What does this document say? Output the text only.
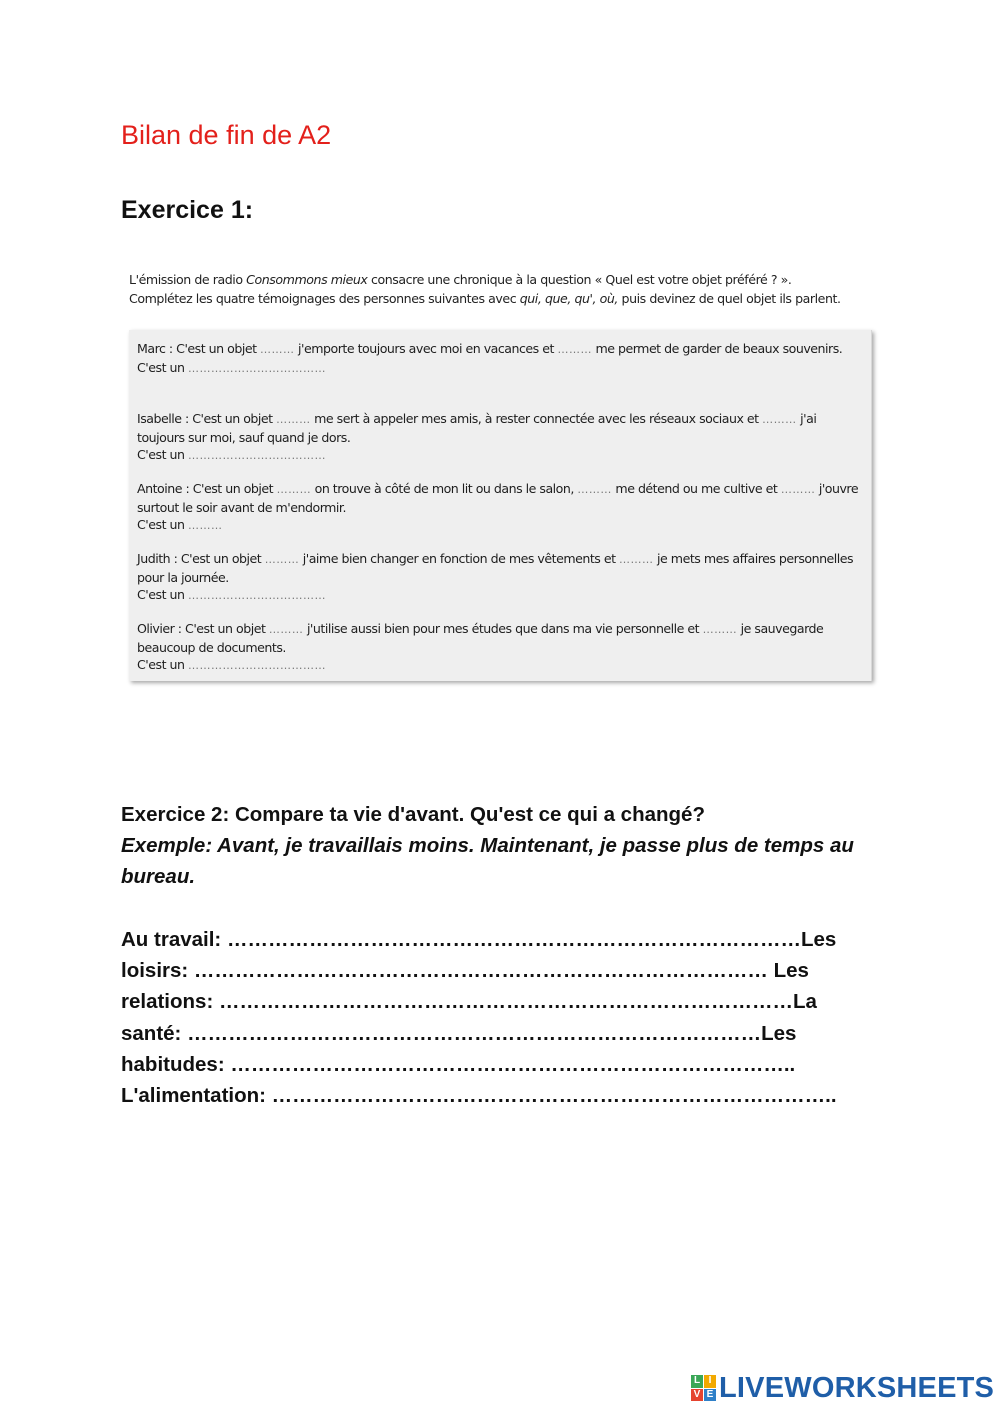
Bilan de fin de A2
Exercice 1:
L'émission de radio Consommons mieux consacre une chronique à la question « Quel est votre objet préféré ? ». Complétez les quatre témoignages des personnes suivantes avec qui, que, qu', où, puis devinez de quel objet ils parlent.
Marc : C'est un objet ……… j'emporte toujours avec moi en vacances et ……… me permet de garder de beaux souvenirs.
C'est un ………………………………
Isabelle : C'est un objet ……… me sert à appeler mes amis, à rester connectée avec les réseaux sociaux et ……… j'ai toujours sur moi, sauf quand je dors.
C'est un ………………………………
Antoine : C'est un objet ……… on trouve à côté de mon lit ou dans le salon, ……… me détend ou me cultive et ……… j'ouvre surtout le soir avant de m'endormir.
C'est un ………
Judith : C'est un objet ……… j'aime bien changer en fonction de mes vêtements et ……… je mets mes affaires personnelles pour la journée.
C'est un ………………………………
Olivier : C'est un objet ……… j'utilise aussi bien pour mes études que dans ma vie personnelle et ……… je sauvegarde beaucoup de documents.
C'est un ………………………………

Exercice 2: Compare ta vie d'avant. Qu'est ce qui a changé?

Exemple: Avant, je travaillais moins. Maintenant, je passe plus de temps au bureau.

Au travail: …………………………………………………………………………Les loisirs: ………………………………………………………………………… Les relations: …………………………………………………………………………La santé: …………………………………………………………………………Les habitudes: ……………………………………………………………………….. L'alimentation: ………………………………………………………………………..

L I
V E LIVEWORKSHEETS
